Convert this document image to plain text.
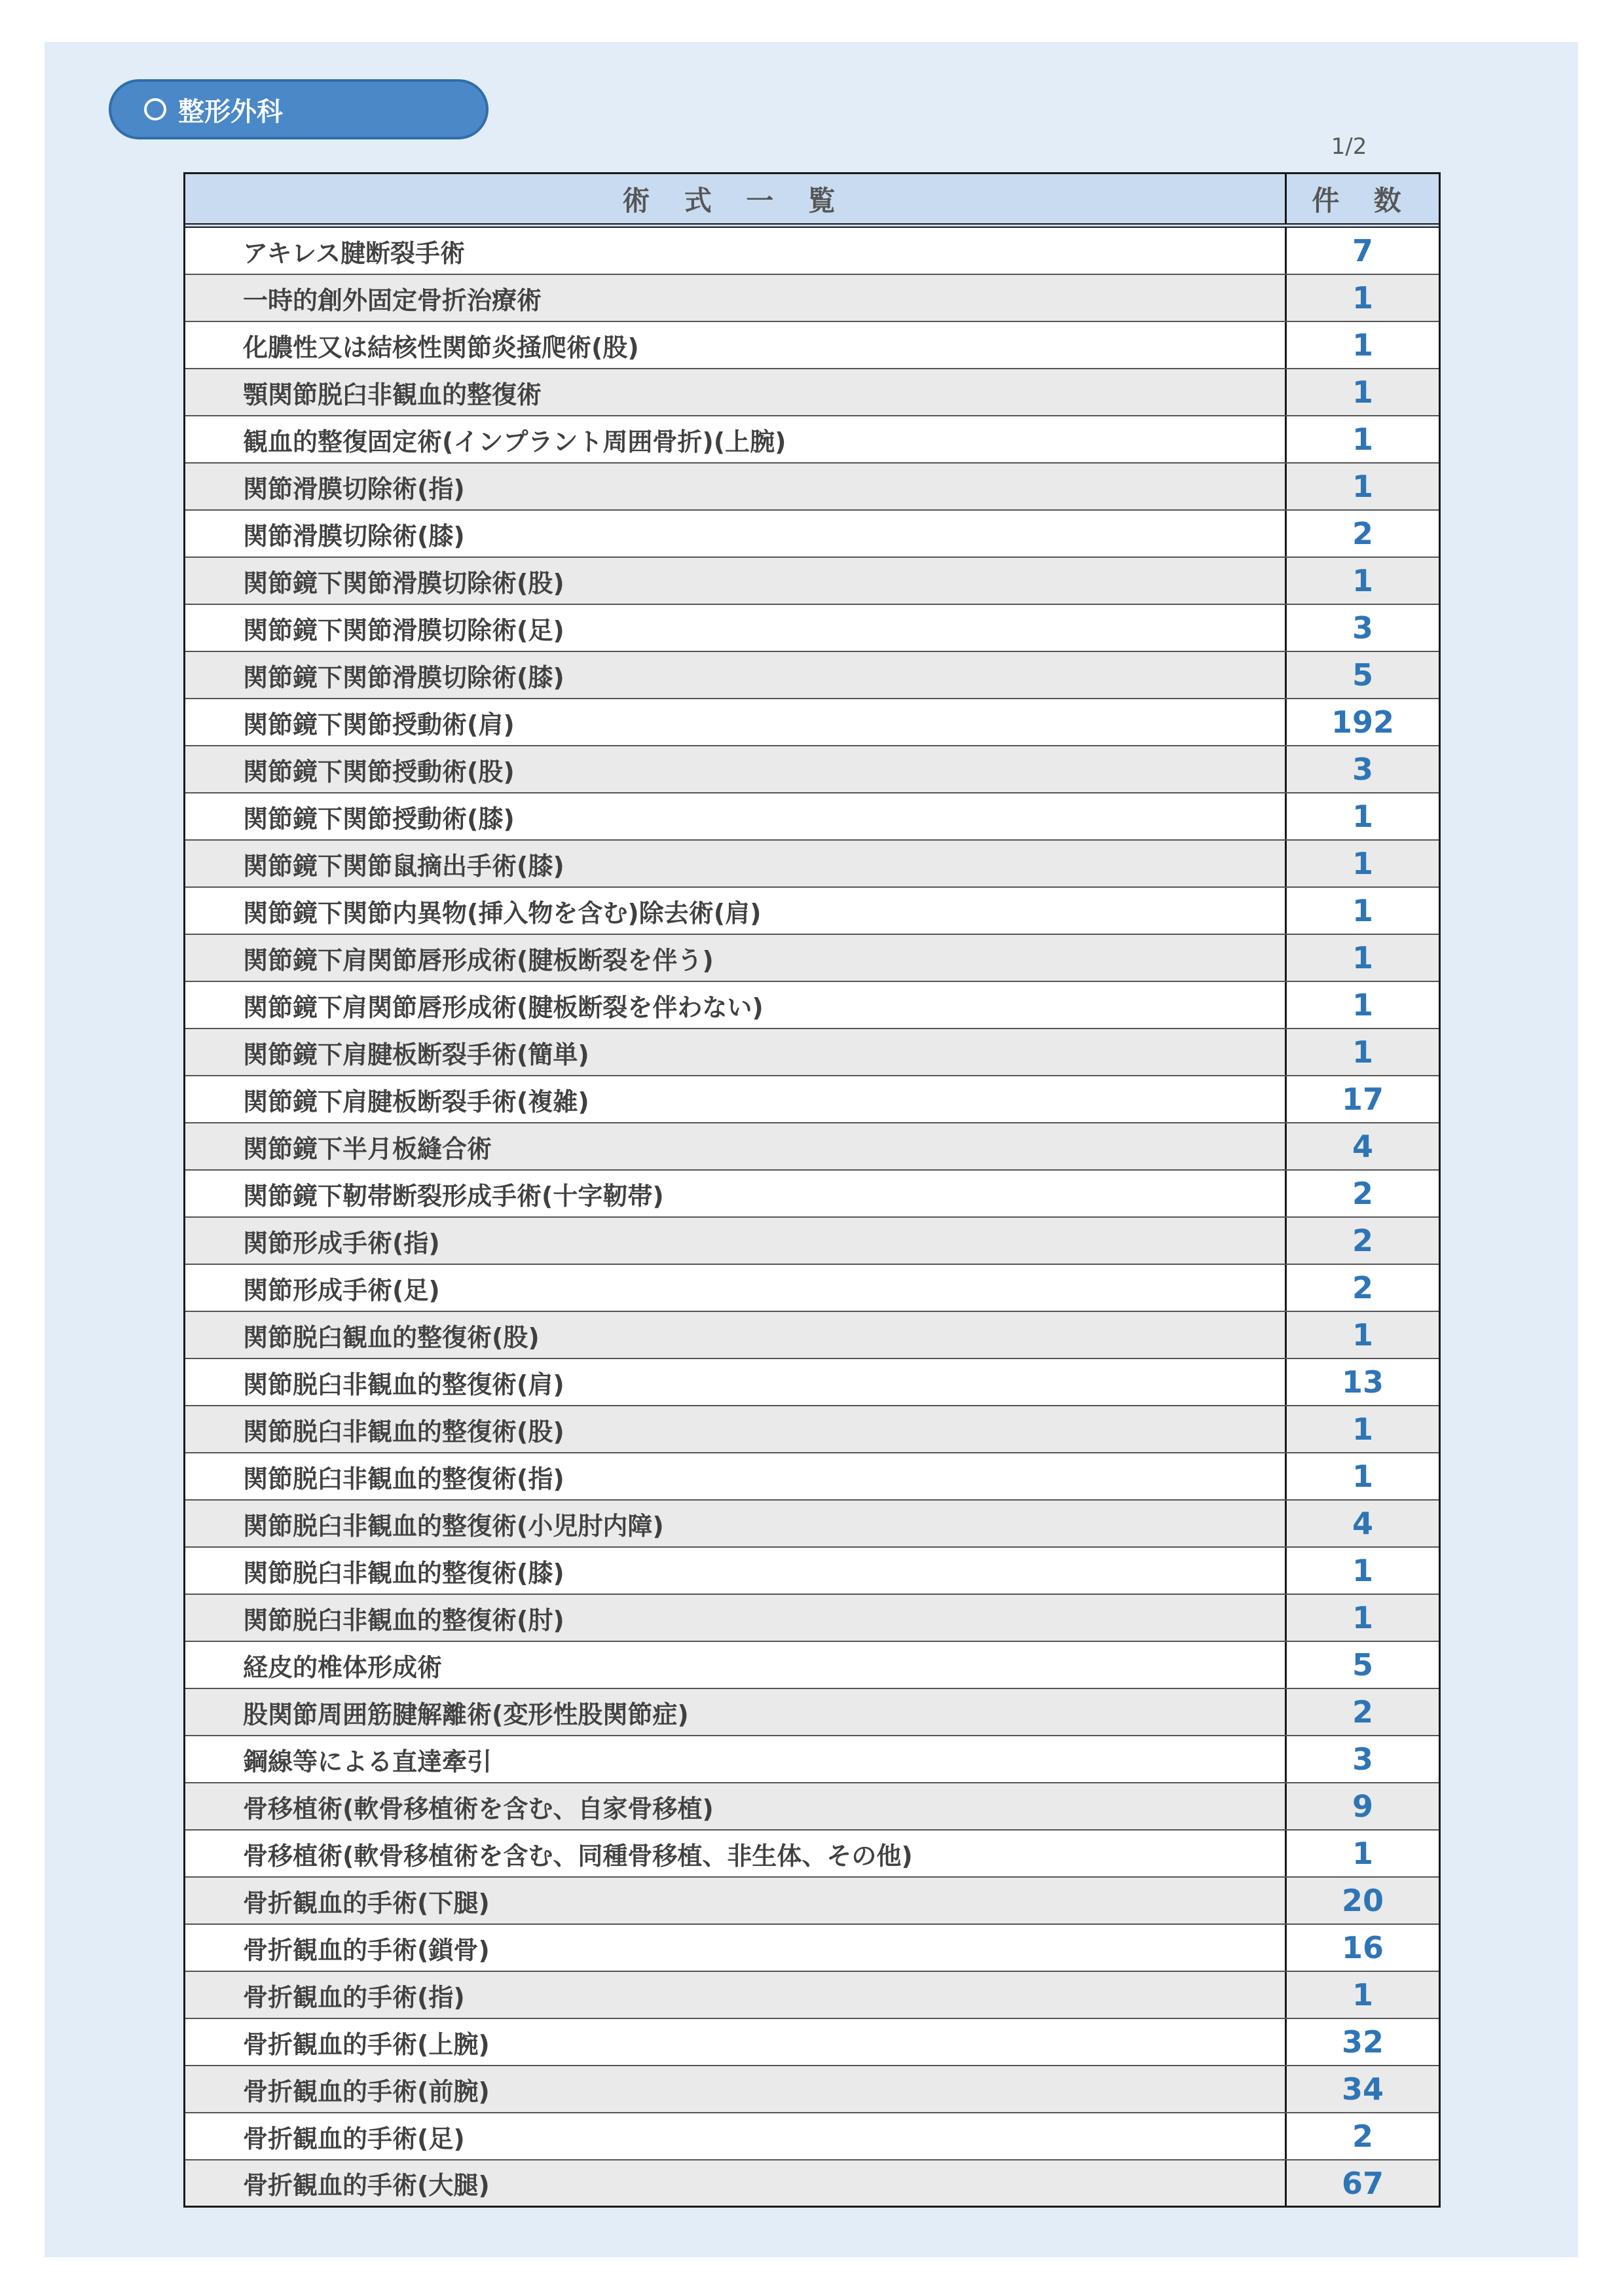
整形外科
1/2
術 式 一 覧	件 数
アキレス腱断裂手術	7
一時的創外固定骨折治療術	1
化膿性又は結核性関節炎掻爬術(股)	1
顎関節脱臼非観血的整復術	1
観血的整復固定術(インプラント周囲骨折)(上腕)	1
関節滑膜切除術(指)	1
関節滑膜切除術(膝)	2
関節鏡下関節滑膜切除術(股)	1
関節鏡下関節滑膜切除術(足)	3
関節鏡下関節滑膜切除術(膝)	5
関節鏡下関節授動術(肩)	192
関節鏡下関節授動術(股)	3
関節鏡下関節授動術(膝)	1
関節鏡下関節鼠摘出手術(膝)	1
関節鏡下関節内異物(挿入物を含む)除去術(肩)	1
関節鏡下肩関節唇形成術(腱板断裂を伴う)	1
関節鏡下肩関節唇形成術(腱板断裂を伴わない)	1
関節鏡下肩腱板断裂手術(簡単)	1
関節鏡下肩腱板断裂手術(複雑)	17
関節鏡下半月板縫合術	4
関節鏡下靭帯断裂形成手術(十字靭帯)	2
関節形成手術(指)	2
関節形成手術(足)	2
関節脱臼観血的整復術(股)	1
関節脱臼非観血的整復術(肩)	13
関節脱臼非観血的整復術(股)	1
関節脱臼非観血的整復術(指)	1
関節脱臼非観血的整復術(小児肘内障)	4
関節脱臼非観血的整復術(膝)	1
関節脱臼非観血的整復術(肘)	1
経皮的椎体形成術	5
股関節周囲筋腱解離術(変形性股関節症)	2
鋼線等による直達牽引	3
骨移植術(軟骨移植術を含む、自家骨移植)	9
骨移植術(軟骨移植術を含む、同種骨移植、非生体、その他)	1
骨折観血的手術(下腿)	20
骨折観血的手術(鎖骨)	16
骨折観血的手術(指)	1
骨折観血的手術(上腕)	32
骨折観血的手術(前腕)	34
骨折観血的手術(足)	2
骨折観血的手術(大腿)	67
